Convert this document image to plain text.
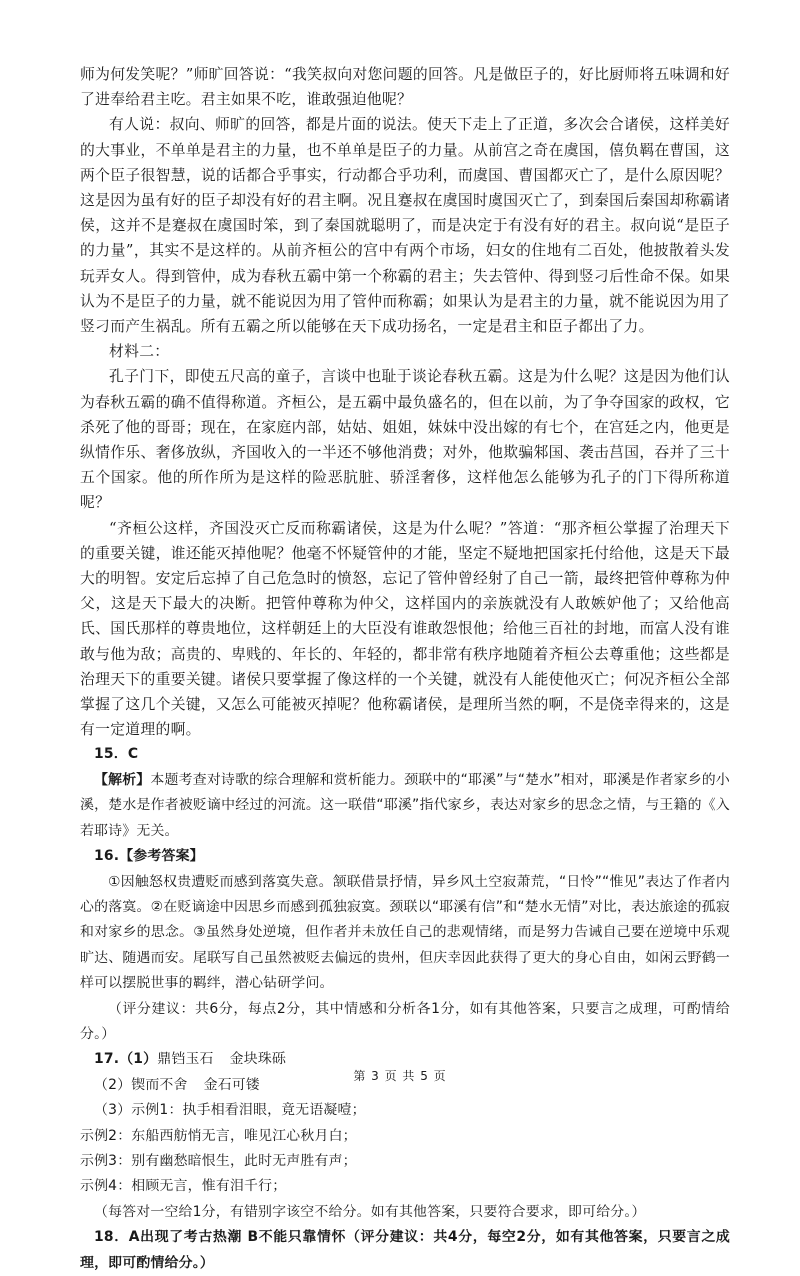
师为何发笑呢？”师旷回答说：“我笑叔向对您问题的回答。凡是做臣子的，好比厨师将五味调和好了进奉给君主吃。君主如果不吃，谁敢强迫他呢？

有人说：叔向、师旷的回答，都是片面的说法。使天下走上了正道，多次会合诸侯，这样美好的大事业，不单单是君主的力量，也不单单是臣子的力量。从前宫之奇在虞国，僖负羁在曹国，这两个臣子很智慧，说的话都合乎事实，行动都合乎功利，而虞国、曹国都灭亡了，是什么原因呢？这是因为虽有好的臣子却没有好的君主啊。况且蹇叔在虞国时虞国灭亡了，到秦国后秦国却称霸诸侯，这并不是蹇叔在虞国时笨，到了秦国就聪明了，而是决定于有没有好的君主。叔向说“是臣子的力量”，其实不是这样的。从前齐桓公的宫中有两个市场，妇女的住地有二百处，他披散着头发玩弄女人。得到管仲，成为春秋五霸中第一个称霸的君主；失去管仲、得到竖刁后性命不保。如果认为不是臣子的力量，就不能说因为用了管仲而称霸；如果认为是君主的力量，就不能说因为用了竖刁而产生祸乱。所有五霸之所以能够在天下成功扬名，一定是君主和臣子都出了力。

材料二：

孔子门下，即使五尺高的童子，言谈中也耻于谈论春秋五霸。这是为什么呢？这是因为他们认为春秋五霸的确不值得称道。齐桓公，是五霸中最负盛名的，但在以前，为了争夺国家的政权，它杀死了他的哥哥；现在，在家庭内部，姑姑、姐姐，妹妹中没出嫁的有七个，在宫廷之内，他更是纵情作乐、奢侈放纵，齐国收入的一半还不够他消费；对外，他欺骗邾国、袭击莒国，吞并了三十五个国家。他的所作所为是这样的险恶肮脏、骄淫奢侈，这样他怎么能够为孔子的门下得所称道呢？

“齐桓公这样，齐国没灭亡反而称霸诸侯，这是为什么呢？”答道：“那齐桓公掌握了治理天下的重要关键，谁还能灭掉他呢？他毫不怀疑管仲的才能，坚定不疑地把国家托付给他，这是天下最大的明智。安定后忘掉了自己危急时的愤怒，忘记了管仲曾经射了自己一箭，最终把管仲尊称为仲父，这是天下最大的决断。把管仲尊称为仲父，这样国内的亲族就没有人敢嫉妒他了；又给他高氏、国氏那样的尊贵地位，这样朝廷上的大臣没有谁敢怨恨他；给他三百社的封地，而富人没有谁敢与他为敌；高贵的、卑贱的、年长的、年轻的，都非常有秩序地随着齐桓公去尊重他；这些都是治理天下的重要关键。诸侯只要掌握了像这样的一个关键，就没有人能使他灭亡；何况齐桓公全部掌握了这几个关键，又怎么可能被灭掉呢？他称霸诸侯，是理所当然的啊，不是侥幸得来的，这是有一定道理的啊。

15．C

【解析】本题考查对诗歌的综合理解和赏析能力。颈联中的“耶溪”与“楚水”相对，耶溪是作者家乡的小溪，楚水是作者被贬谪中经过的河流。这一联借“耶溪”指代家乡，表达对家乡的思念之情，与王籍的《入若耶诗》无关。

16.【参考答案】

①因触怒权贵遭贬而感到落寞失意。颔联借景抒情，异乡风土空寂萧荒，“日怜”“惟见”表达了作者内心的落寞。②在贬谪途中因思乡而感到孤独寂寞。颈联以“耶溪有信”和“楚水无情”对比，表达旅途的孤寂和对家乡的思念。③虽然身处逆境，但作者并未放任自己的悲观情绪，而是努力告诫自己要在逆境中乐观旷达、随遇而安。尾联写自己虽然被贬去偏远的贵州，但庆幸因此获得了更大的身心自由，如闲云野鹤一样可以摆脱世事的羁绊，潜心钻研学问。

（评分建议：共6分，每点2分，其中情感和分析各1分，如有其他答案，只要言之成理，可酌情给分。）

17.（1）鼎铛玉石 金块珠砾

（2）锲而不舍 金石可镂

（3）示例1：执手相看泪眼，竟无语凝噎；

示例2：东船西舫悄无言，唯见江心秋月白；

示例3：别有幽愁暗恨生，此时无声胜有声；

示例4：相顾无言，惟有泪千行；

（每答对一空给1分，有错别字该空不给分。如有其他答案，只要符合要求，即可给分。）

18．A出现了考古热潮 B不能只靠情怀（评分建议：共4分，每空2分，如有其他答案，只要言之成理，即可酌情给分。）

第 3 页 共 5 页
